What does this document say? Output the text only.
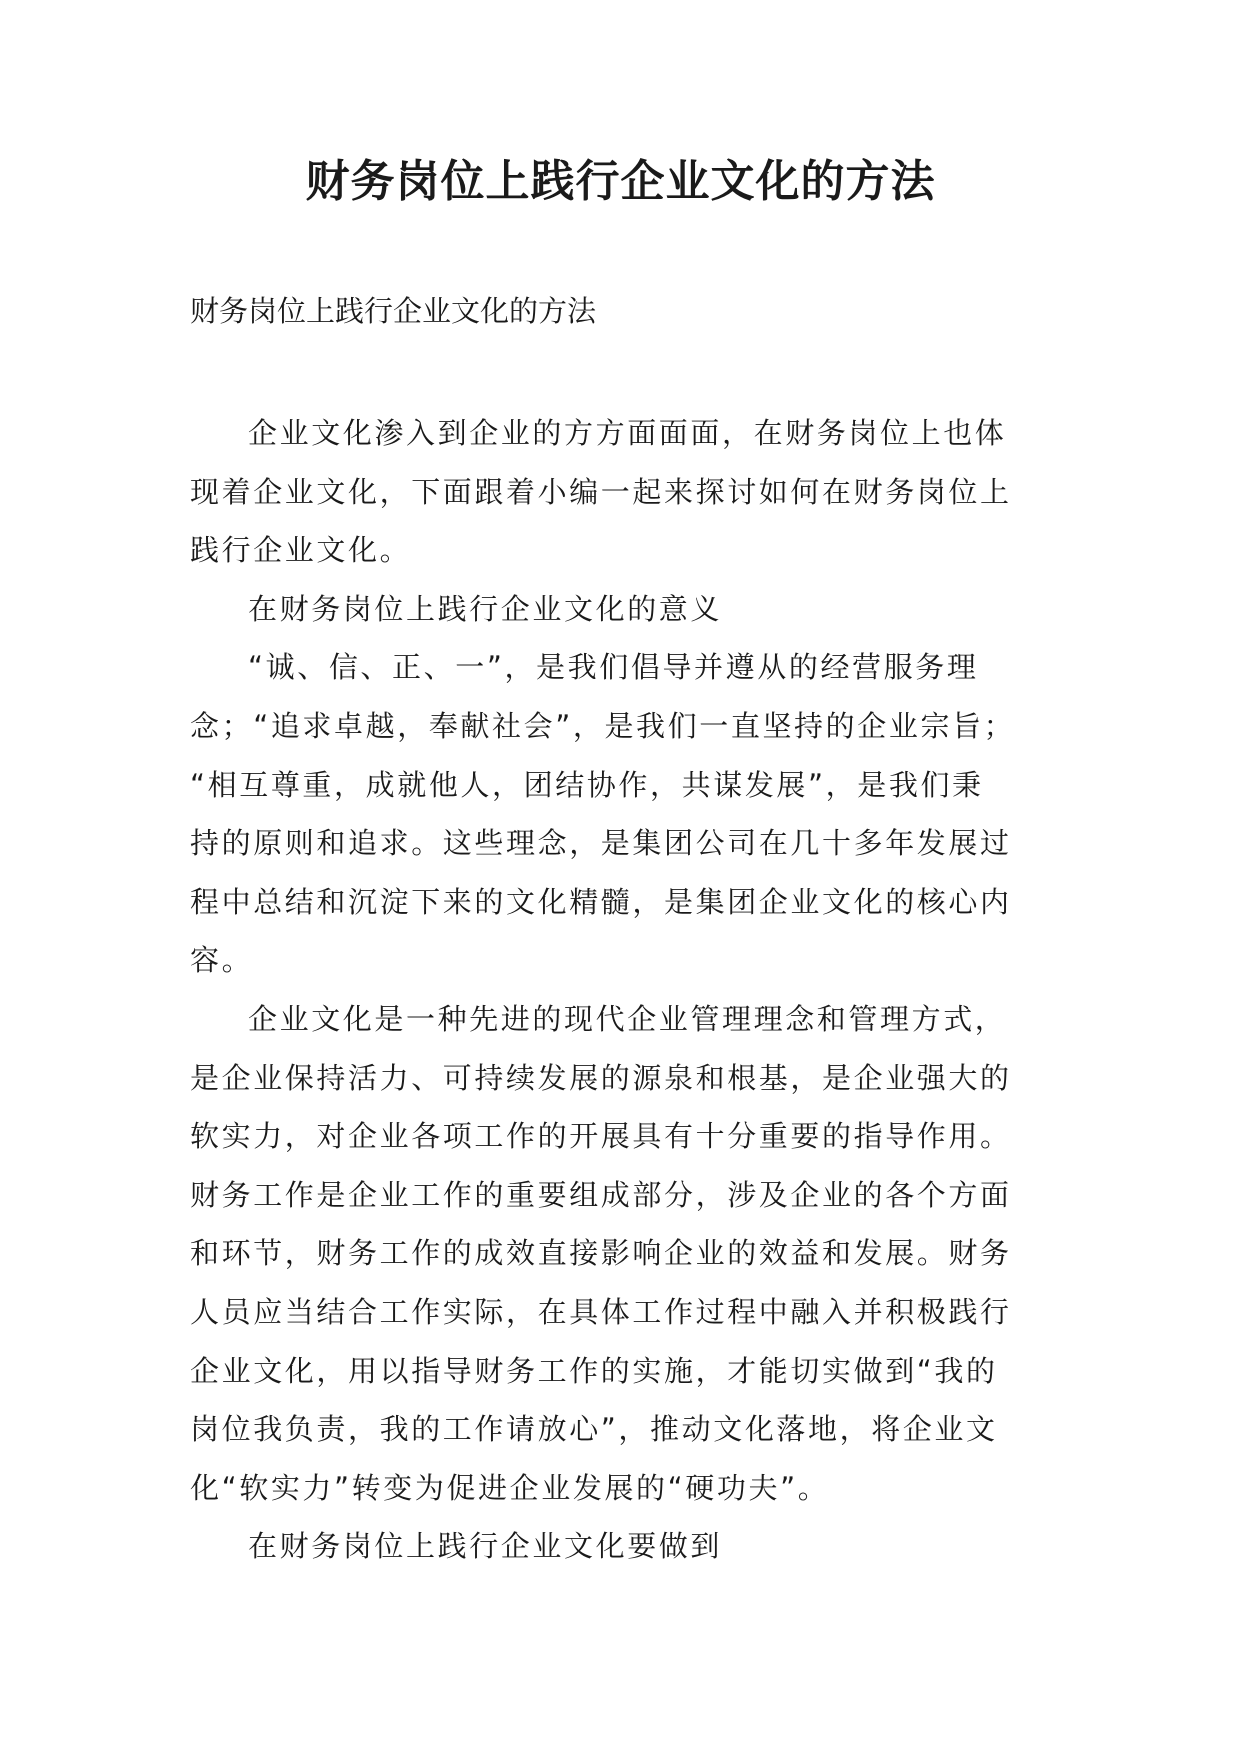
财务岗位上践行企业文化的方法

财务岗位上践行企业文化的方法

企业文化渗入到企业的方方面面面，在财务岗位上也体
现着企业文化，下面跟着小编一起来探讨如何在财务岗位上
践行企业文化。

在财务岗位上践行企业文化的意义

“诚、信、正、一”，是我们倡导并遵从的经营服务理
念；“追求卓越，奉献社会”，是我们一直坚持的企业宗旨；
“相互尊重，成就他人，团结协作，共谋发展”，是我们秉
持的原则和追求。这些理念，是集团公司在几十多年发展过
程中总结和沉淀下来的文化精髓，是集团企业文化的核心内
容。

企业文化是一种先进的现代企业管理理念和管理方式，
是企业保持活力、可持续发展的源泉和根基，是企业强大的
软实力，对企业各项工作的开展具有十分重要的指导作用。
财务工作是企业工作的重要组成部分，涉及企业的各个方面
和环节，财务工作的成效直接影响企业的效益和发展。财务
人员应当结合工作实际，在具体工作过程中融入并积极践行
企业文化，用以指导财务工作的实施，才能切实做到“我的
岗位我负责，我的工作请放心”，推动文化落地，将企业文
化“软实力”转变为促进企业发展的“硬功夫”。

在财务岗位上践行企业文化要做到
